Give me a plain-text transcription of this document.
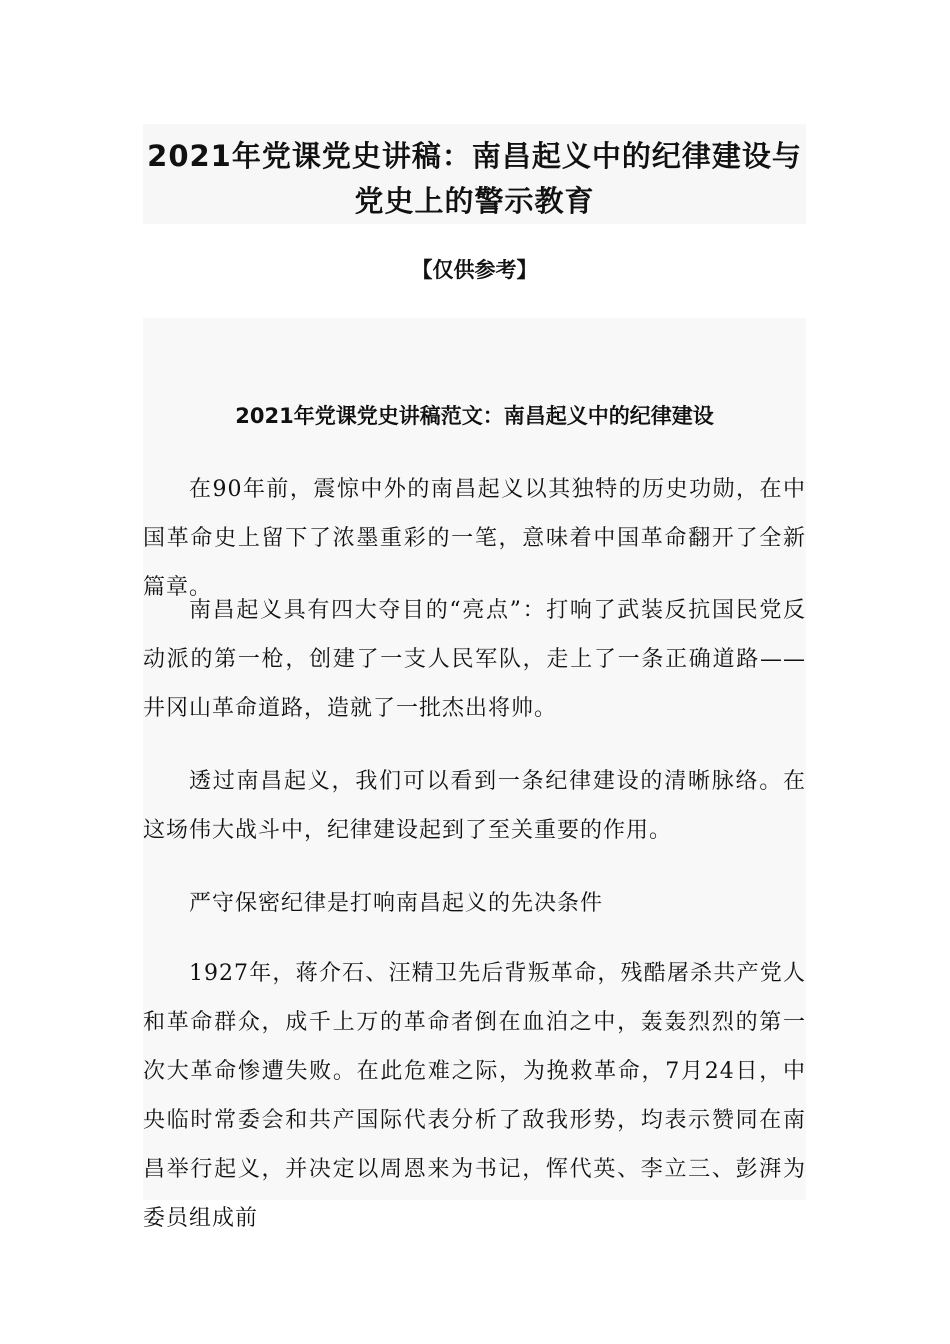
2021年党课党史讲稿：南昌起义中的纪律建设与党史上的警示教育
【仅供参考】
2021年党课党史讲稿范文：南昌起义中的纪律建设

在90年前，震惊中外的南昌起义以其独特的历史功勋，在中国革命史上留下了浓墨重彩的一笔，意味着中国革命翻开了全新篇章。

南昌起义具有四大夺目的“亮点”：打响了武装反抗国民党反动派的第一枪，创建了一支人民军队，走上了一条正确道路——井冈山革命道路，造就了一批杰出将帅。

透过南昌起义，我们可以看到一条纪律建设的清晰脉络。在这场伟大战斗中，纪律建设起到了至关重要的作用。

严守保密纪律是打响南昌起义的先决条件

1927年，蒋介石、汪精卫先后背叛革命，残酷屠杀共产党人和革命群众，成千上万的革命者倒在血泊之中，轰轰烈烈的第一次大革命惨遭失败。在此危难之际，为挽救革命，7月24日，中央临时常委会和共产国际代表分析了敌我形势，均表示赞同在南昌举行起义，并决定以周恩来为书记，恽代英、李立三、彭湃为委员组成前
